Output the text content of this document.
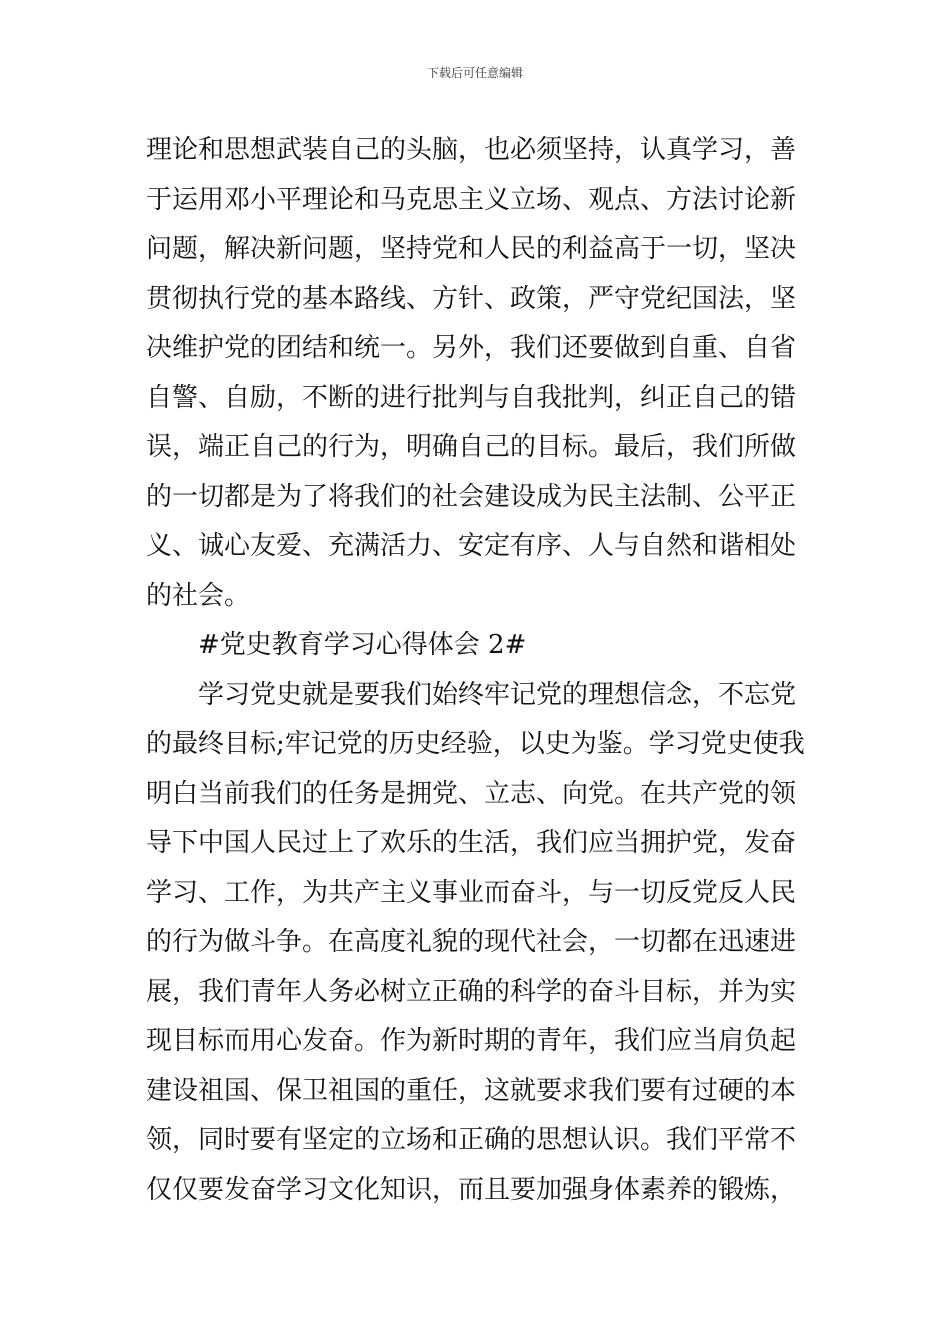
下载后可任意编辑
理论和思想武装自己的头脑，也必须坚持，认真学习，善
于运用邓小平理论和马克思主义立场、观点、方法讨论新
问题，解决新问题，坚持党和人民的利益高于一切，坚决
贯彻执行党的基本路线、方针、政策，严守党纪国法，坚
决维护党的团结和统一。另外，我们还要做到自重、自省
自警、自励，不断的进行批判与自我批判，纠正自己的错
误，端正自己的行为，明确自己的目标。最后，我们所做
的一切都是为了将我们的社会建设成为民主法制、公平正
义、诚心友爱、充满活力、安定有序、人与自然和谐相处
的社会。
#党史教育学习心得体会 2#
学习党史就是要我们始终牢记党的理想信念，不忘党
的最终目标;牢记党的历史经验，以史为鉴。学习党史使我
明白当前我们的任务是拥党、立志、向党。在共产党的领
导下中国人民过上了欢乐的生活，我们应当拥护党，发奋
学习、工作，为共产主义事业而奋斗，与一切反党反人民
的行为做斗争。在高度礼貌的现代社会，一切都在迅速进
展，我们青年人务必树立正确的科学的奋斗目标，并为实
现目标而用心发奋。作为新时期的青年，我们应当肩负起
建设祖国、保卫祖国的重任，这就要求我们要有过硬的本
领，同时要有坚定的立场和正确的思想认识。我们平常不
仅仅要发奋学习文化知识，而且要加强身体素养的锻炼，
